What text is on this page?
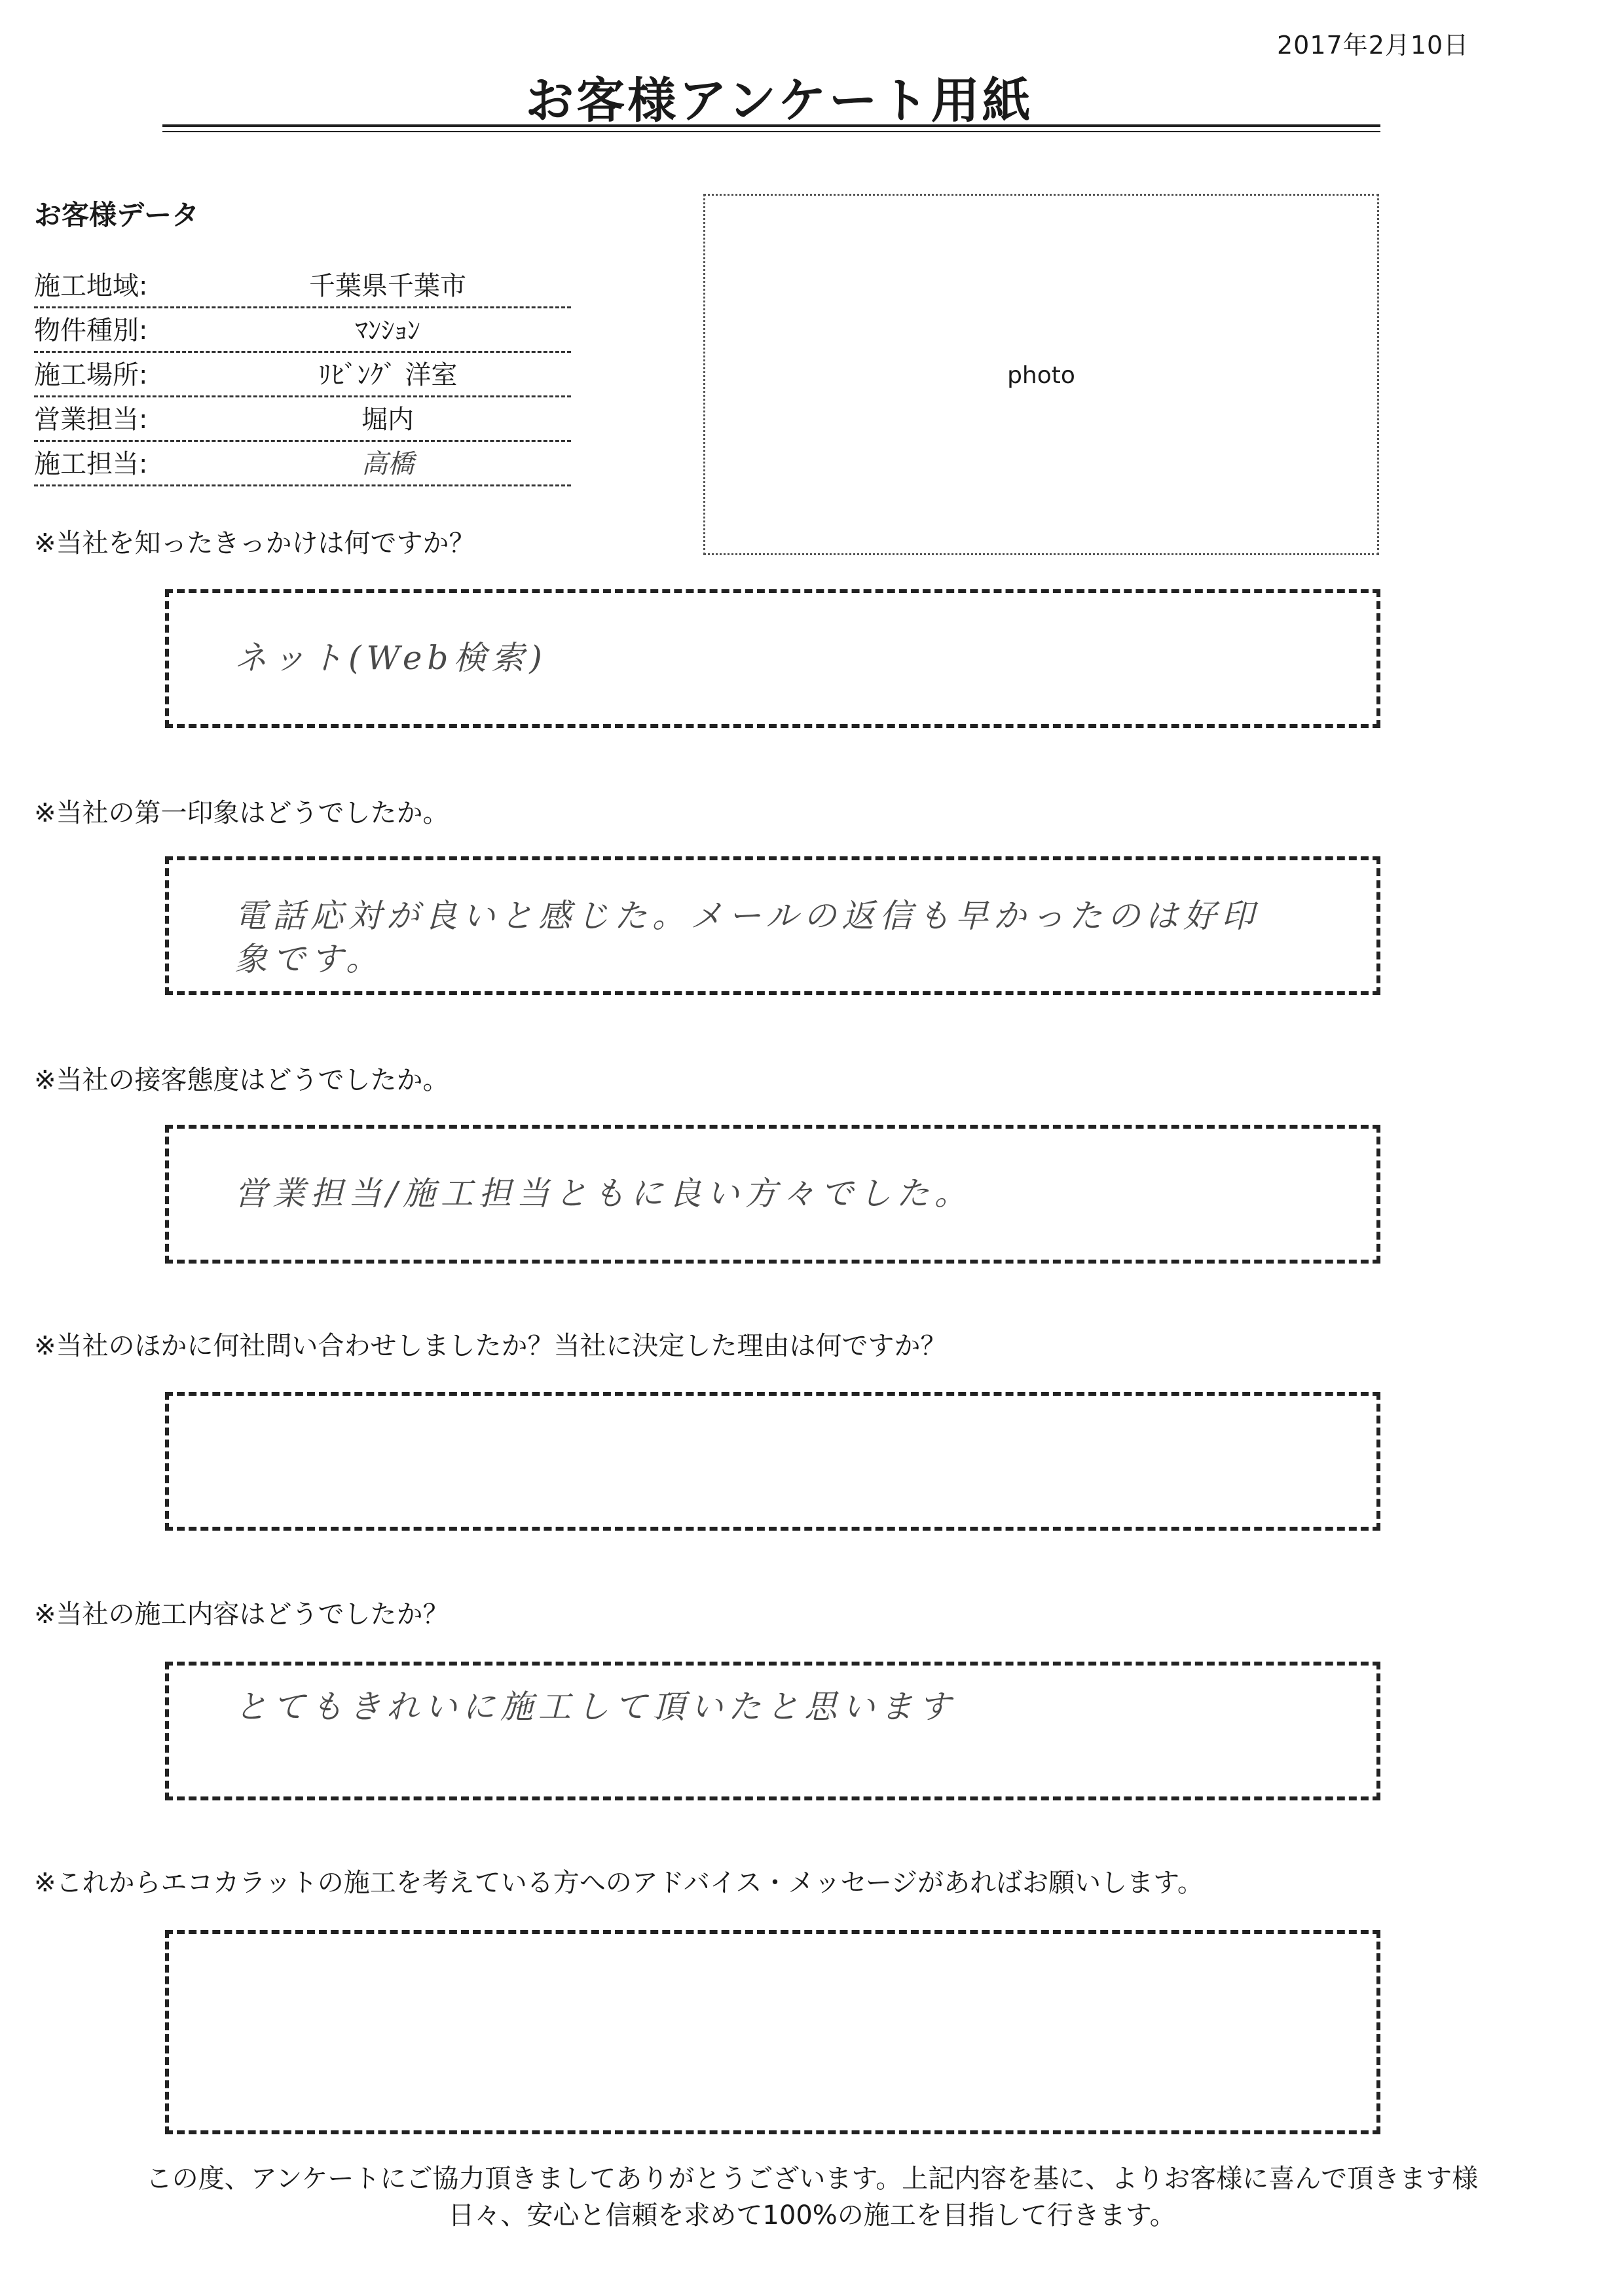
2017年2月10日
お客様アンケート用紙
お客様データ
施工地域:	千葉県千葉市
物件種別:	ﾏﾝｼｮﾝ
施工場所:	ﾘﾋﾞﾝｸﾞ 洋室
営業担当:	堀内
施工担当:	高橋
photo
※当社を知ったきっかけは何ですか？
ネット(Web検索)
※当社の第一印象はどうでしたか。
電話応対が良いと感じた。メールの返信も早かったのは好印象です。
※当社の接客態度はどうでしたか。
営業担当/施工担当ともに良い方々でした。
※当社のほかに何社問い合わせしましたか？当社に決定した理由は何ですか？
※当社の施工内容はどうでしたか？
とてもきれいに施工して頂いたと思います
※これからエコカラットの施工を考えている方へのアドバイス・メッセージがあればお願いします。
この度、アンケートにご協力頂きましてありがとうございます。上記内容を基に、よりお客様に喜んで頂きます様
日々、安心と信頼を求めて100%の施工を目指して行きます。
